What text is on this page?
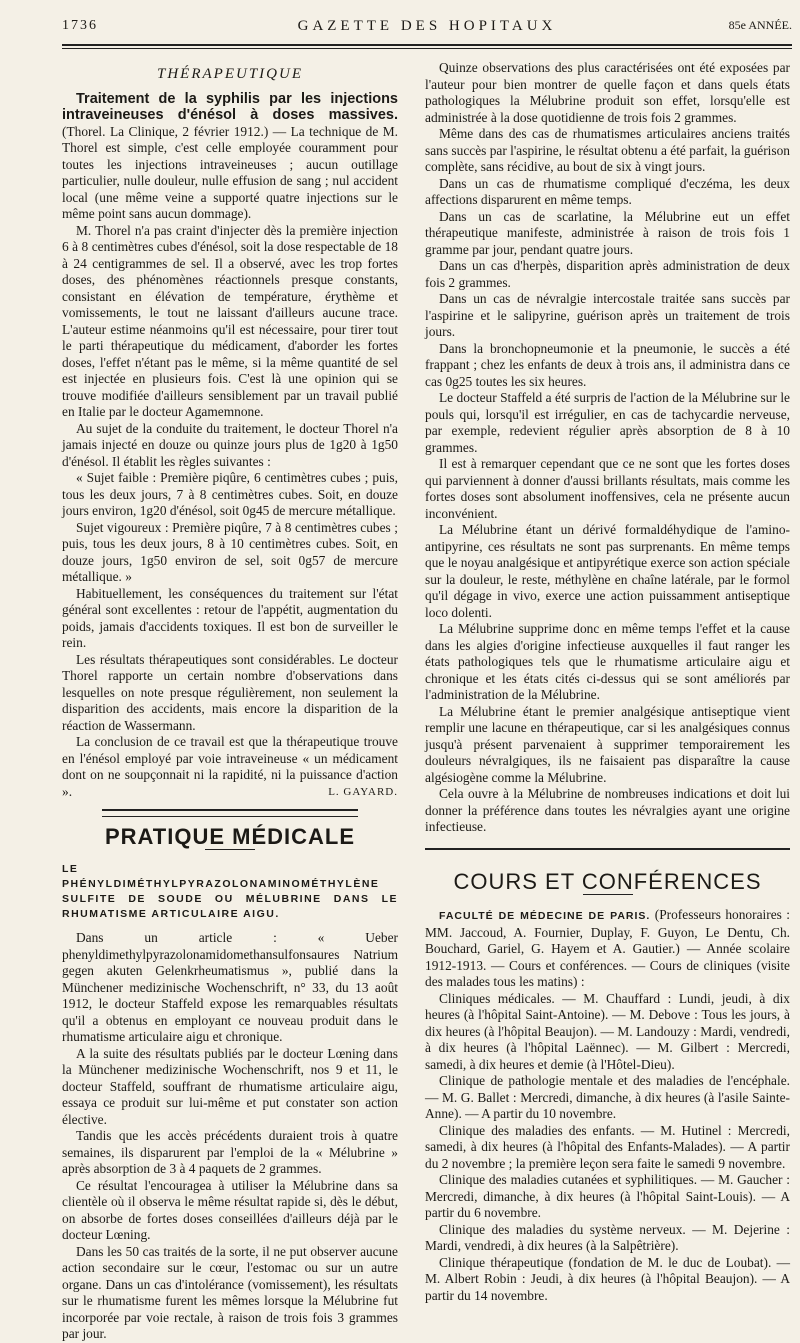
1736	GAZETTE DES HOPITAUX	85e ANNÉE.
THÉRAPEUTIQUE

Traitement de la syphilis par les injections intraveineuses d'énésol à doses massives. (Thorel. La Clinique, 2 février 1912.) — La technique de M. Thorel est simple, c'est celle employée couramment pour toutes les injections intraveineuses ; aucun outillage particulier, nulle douleur, nulle effusion de sang ; nul accident local (une même veine a supporté quatre injections sur le même point sans aucun dommage).

M. Thorel n'a pas craint d'injecter dès la première injection 6 à 8 centimètres cubes d'énésol, soit la dose respectable de 18 à 24 centigrammes de sel. Il a observé, avec les trop fortes doses, des phénomènes réactionnels presque constants, consistant en élévation de température, érythème et vomissements, le tout ne laissant d'ailleurs aucune trace. L'auteur estime néanmoins qu'il est nécessaire, pour tirer tout le parti thérapeutique du médicament, d'aborder les fortes doses, l'effet n'étant pas le même, si la même quantité de sel est injectée en plusieurs fois. C'est là une opinion qui se trouve modifiée d'ailleurs sensiblement par un travail publié en Italie par le docteur Agamemnone.

Au sujet de la conduite du traitement, le docteur Thorel n'a jamais injecté en douze ou quinze jours plus de 1g20 à 1g50 d'énésol. Il établit les règles suivantes :

« Sujet faible : Première piqûre, 6 centimètres cubes ; puis, tous les deux jours, 7 à 8 centimètres cubes. Soit, en douze jours environ, 1g20 d'énésol, soit 0g45 de mercure métallique.

Sujet vigoureux : Première piqûre, 7 à 8 centimètres cubes ; puis, tous les deux jours, 8 à 10 centimètres cubes. Soit, en douze jours, 1g50 environ de sel, soit 0g57 de mercure métallique. »

Habituellement, les conséquences du traitement sur l'état général sont excellentes : retour de l'appétit, augmentation du poids, jamais d'accidents toxiques. Il est bon de surveiller le rein.

Les résultats thérapeutiques sont considérables. Le docteur Thorel rapporte un certain nombre d'observations dans lesquelles on note presque régulièrement, non seulement la disparition des accidents, mais encore la disparition de la réaction de Wassermann.

La conclusion de ce travail est que la thérapeutique trouve en l'énésol employé par voie intraveineuse « un médicament dont on ne soupçonnait ni la rapidité, ni la puissance d'action ».	L. GAYARD.

PRATIQUE MÉDICALE

LE PHÉNYLDIMÉTHYLPYRAZOLONAMINOMÉTHYLÈNE SULFITE DE SOUDE OU MÉLUBRINE DANS LE RHUMATISME ARTICULAIRE AIGU.

Dans un article : « Ueber phenyldimethylpyrazolonamidomethansulfonsaures Natrium gegen akuten Gelenkrheumatismus », publié dans la Münchener medizinische Wochenschrift, n° 33, du 13 août 1912, le docteur Staffeld expose les remarquables résultats qu'il a obtenus en employant ce nouveau produit dans le rhumatisme articulaire aigu et chronique.

A la suite des résultats publiés par le docteur Lœning dans la Münchener medizinische Wochenschrift, nos 9 et 11, le docteur Staffeld, souffrant de rhumatisme articulaire aigu, essaya ce produit sur lui-même et put constater son action élective.

Tandis que les accès précédents duraient trois à quatre semaines, ils disparurent par l'emploi de la « Mélubrine » après absorption de 3 à 4 paquets de 2 grammes.

Ce résultat l'encouragea à utiliser la Mélubrine dans sa clientèle où il observa le même résultat rapide si, dès le début, on absorbe de fortes doses conseillées d'ailleurs déjà par le docteur Lœning.

Dans les 50 cas traités de la sorte, il ne put observer aucune action secondaire sur le cœur, l'estomac ou sur un autre organe. Dans un cas d'intolérance (vomissement), les résultats sur le rhumatisme furent les mêmes lorsque la Mélubrine fut incorporée par voie rectale, à raison de trois fois 3 grammes par jour.

Quinze observations des plus caractérisées ont été exposées par l'auteur pour bien montrer de quelle façon et dans quels états pathologiques la Mélubrine produit son effet, lorsqu'elle est administrée à la dose quotidienne de trois fois 2 grammes.

Même dans des cas de rhumatismes articulaires anciens traités sans succès par l'aspirine, le résultat obtenu a été parfait, la guérison complète, sans récidive, au bout de six à vingt jours.

Dans un cas de rhumatisme compliqué d'eczéma, les deux affections disparurent en même temps.

Dans un cas de scarlatine, la Mélubrine eut un effet thérapeutique manifeste, administrée à raison de trois fois 1 gramme par jour, pendant quatre jours.

Dans un cas d'herpès, disparition après administration de deux fois 2 grammes.

Dans un cas de névralgie intercostale traitée sans succès par l'aspirine et le salipyrine, guérison après un traitement de trois jours.

Dans la bronchopneumonie et la pneumonie, le succès a été frappant ; chez les enfants de deux à trois ans, il administra dans ce cas 0g25 toutes les six heures.

Le docteur Staffeld a été surpris de l'action de la Mélubrine sur le pouls qui, lorsqu'il est irrégulier, en cas de tachycardie nerveuse, par exemple, redevient régulier après absorption de 8 à 10 grammes.

Il est à remarquer cependant que ce ne sont que les fortes doses qui parviennent à donner d'aussi brillants résultats, mais comme les fortes doses sont absolument inoffensives, cela ne présente aucun inconvénient.

La Mélubrine étant un dérivé formaldéhydique de l'amino-antipyrine, ces résultats ne sont pas surprenants. En même temps que le noyau analgésique et antipyrétique exerce son action spéciale sur la douleur, le reste, méthylène en chaîne latérale, par le formol qu'il dégage in vivo, exerce une action puissamment antiseptique loco dolenti.

La Mélubrine supprime donc en même temps l'effet et la cause dans les algies d'origine infectieuse auxquelles il faut ranger les états pathologiques tels que le rhumatisme articulaire aigu et chronique et les états cités ci-dessus qui se sont améliorés par l'administration de la Mélubrine.

La Mélubrine étant le premier analgésique antiseptique vient remplir une lacune en thérapeutique, car si les analgésiques connus jusqu'à présent parvenaient à supprimer temporairement les douleurs névralgiques, ils ne faisaient pas disparaître la cause algésiogène comme la Mélubrine.

Cela ouvre à la Mélubrine de nombreuses indications et doit lui donner la préférence dans toutes les névralgies ayant une origine infectieuse.

COURS ET CONFÉRENCES

FACULTÉ DE MÉDECINE DE PARIS. (Professeurs honoraires : MM. Jaccoud, A. Fournier, Duplay, F. Guyon, Le Dentu, Ch. Bouchard, Gariel, G. Hayem et A. Gautier.) — Année scolaire 1912-1913. — Cours et conférences. — Cours de cliniques (visite des malades tous les matins) :

Cliniques médicales. — M. Chauffard : Lundi, jeudi, à dix heures (à l'hôpital Saint-Antoine). — M. Debove : Tous les jours, à dix heures (à l'hôpital Beaujon). — M. Landouzy : Mardi, vendredi, à dix heures (à l'hôpital Laënnec). — M. Gilbert : Mercredi, samedi, à dix heures et demie (à l'Hôtel-Dieu).

Clinique de pathologie mentale et des maladies de l'encéphale. — M. G. Ballet : Mercredi, dimanche, à dix heures (à l'asile Sainte-Anne). — A partir du 10 novembre.

Clinique des maladies des enfants. — M. Hutinel : Mercredi, samedi, à dix heures (à l'hôpital des Enfants-Malades). — A partir du 2 novembre ; la première leçon sera faite le samedi 9 novembre.

Clinique des maladies cutanées et syphilitiques. — M. Gaucher : Mercredi, dimanche, à dix heures (à l'hôpital Saint-Louis). — A partir du 6 novembre.

Clinique des maladies du système nerveux. — M. Dejerine : Mardi, vendredi, à dix heures (à la Salpêtrière).

Clinique thérapeutique (fondation de M. le duc de Loubat). — M. Albert Robin : Jeudi, à dix heures (à l'hôpital Beaujon). — A partir du 14 novembre.
